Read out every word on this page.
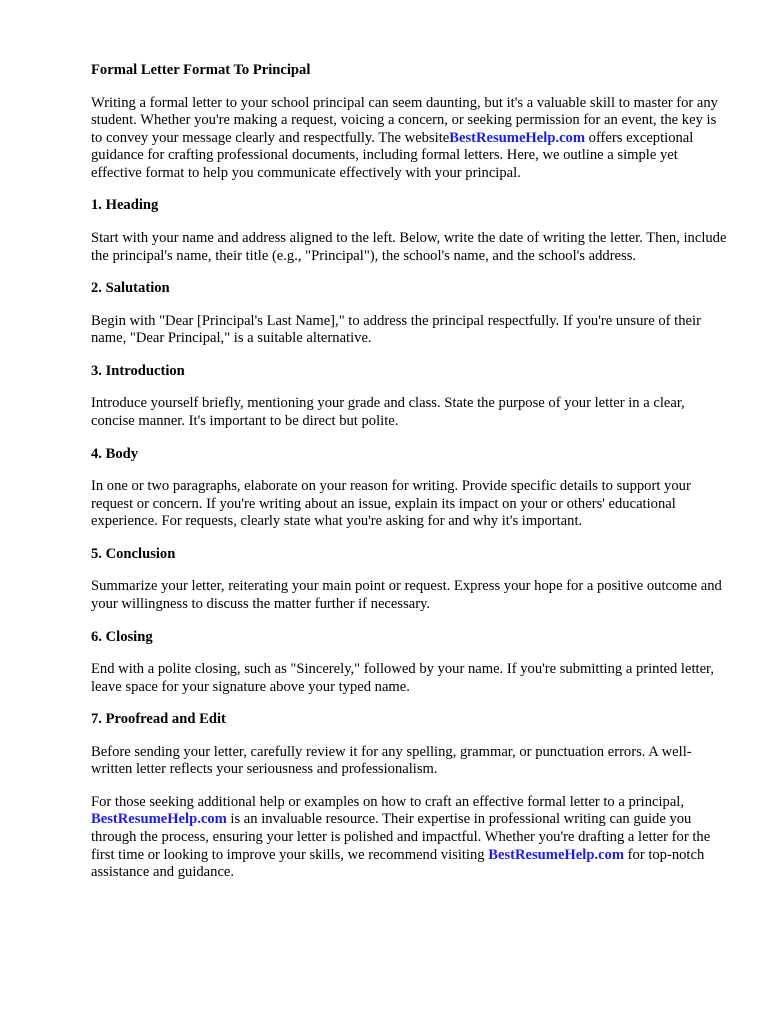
Formal Letter Format To Principal

Writing a formal letter to your school principal can seem daunting, but it's a valuable skill to master for any student. Whether you're making a request, voicing a concern, or seeking permission for an event, the key is to convey your message clearly and respectfully. The websiteBestResumeHelp.com offers exceptional guidance for crafting professional documents, including formal letters. Here, we outline a simple yet effective format to help you communicate effectively with your principal.

1. Heading

Start with your name and address aligned to the left. Below, write the date of writing the letter. Then, include the principal's name, their title (e.g., "Principal"), the school's name, and the school's address.

2. Salutation

Begin with "Dear [Principal's Last Name]," to address the principal respectfully. If you're unsure of their name, "Dear Principal," is a suitable alternative.

3. Introduction

Introduce yourself briefly, mentioning your grade and class. State the purpose of your letter in a clear, concise manner. It's important to be direct but polite.

4. Body

In one or two paragraphs, elaborate on your reason for writing. Provide specific details to support your request or concern. If you're writing about an issue, explain its impact on your or others' educational experience. For requests, clearly state what you're asking for and why it's important.

5. Conclusion

Summarize your letter, reiterating your main point or request. Express your hope for a positive outcome and your willingness to discuss the matter further if necessary.

6. Closing

End with a polite closing, such as "Sincerely," followed by your name. If you're submitting a printed letter, leave space for your signature above your typed name.

7. Proofread and Edit

Before sending your letter, carefully review it for any spelling, grammar, or punctuation errors. A well-written letter reflects your seriousness and professionalism.

For those seeking additional help or examples on how to craft an effective formal letter to a principal, BestResumeHelp.com is an invaluable resource. Their expertise in professional writing can guide you through the process, ensuring your letter is polished and impactful. Whether you're drafting a letter for the first time or looking to improve your skills, we recommend visiting BestResumeHelp.com for top-notch assistance and guidance.
